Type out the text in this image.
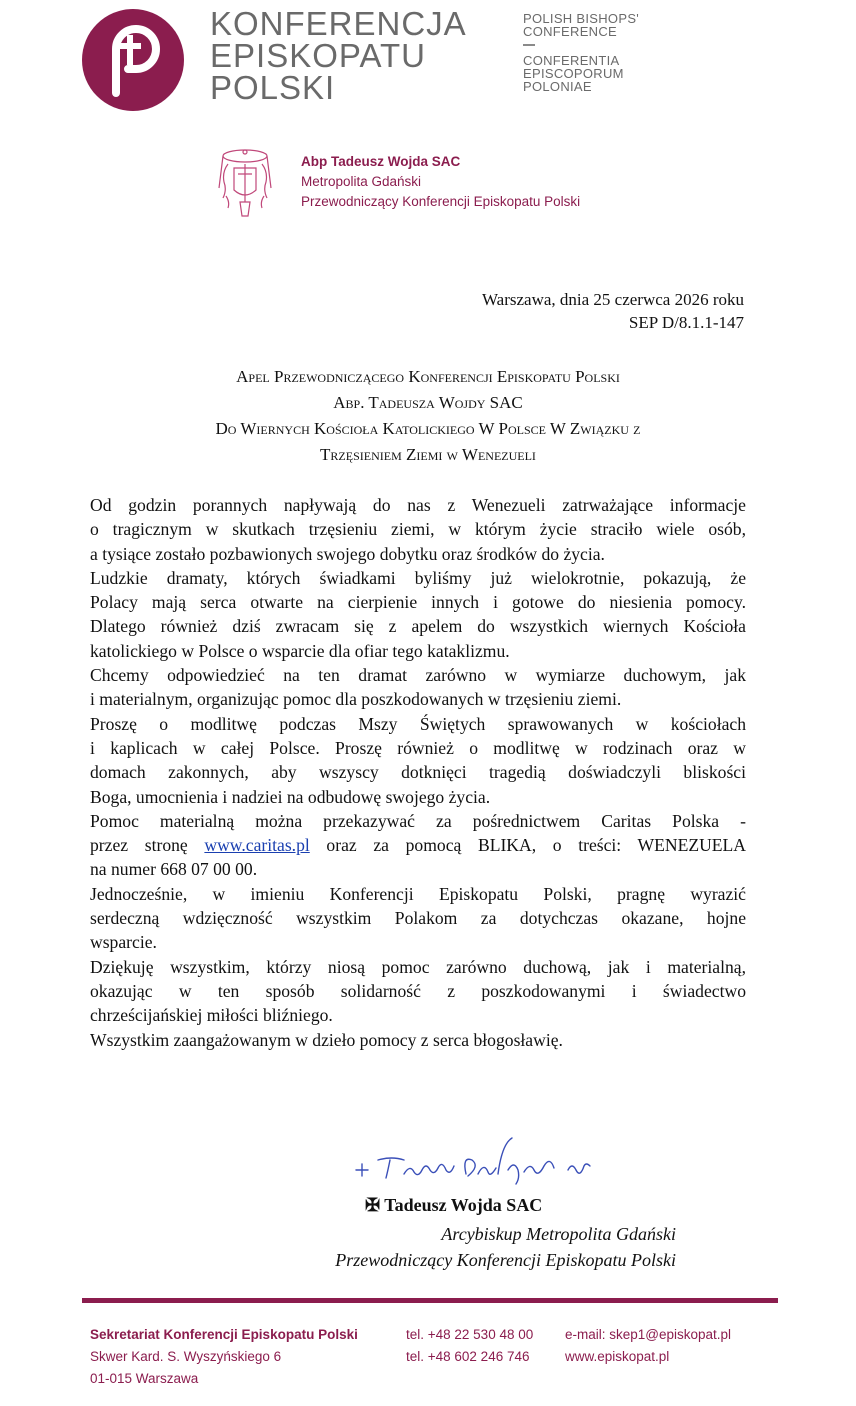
KONFERENCJA
EPISKOPATU
POLSKI
POLISH BISHOPS'
CONFERENCE
CONFERENTIA
EPISCOPORUM
POLONIAE
Abp Tadeusz Wojda SAC
Metropolita Gdański
Przewodniczący Konferencji Episkopatu Polski
Warszawa, dnia 25 czerwca 2026 roku
SEP D/8.1.1-147
Apel Przewodniczącego Konferencji Episkopatu Polski
Abp. Tadeusza Wojdy SAC
Do Wiernych Kościoła Katolickiego W Polsce W Związku z
Trzęsieniem Ziemi w Wenezueli
Od godzin porannych napływają do nas z Wenezueli zatrważające informacje
o tragicznym w skutkach trzęsieniu ziemi, w którym życie straciło wiele osób,
a tysiące zostało pozbawionych swojego dobytku oraz środków do życia.
Ludzkie dramaty, których świadkami byliśmy już wielokrotnie, pokazują, że
Polacy mają serca otwarte na cierpienie innych i gotowe do niesienia pomocy.
Dlatego również dziś zwracam się z apelem do wszystkich wiernych Kościoła
katolickiego w Polsce o wsparcie dla ofiar tego kataklizmu.
Chcemy odpowiedzieć na ten dramat zarówno w wymiarze duchowym, jak
i materialnym, organizując pomoc dla poszkodowanych w trzęsieniu ziemi.
Proszę o modlitwę podczas Mszy Świętych sprawowanych w kościołach
i kaplicach w całej Polsce. Proszę również o modlitwę w rodzinach oraz w
domach zakonnych, aby wszyscy dotknięci tragedią doświadczyli bliskości
Boga, umocnienia i nadziei na odbudowę swojego życia.
Pomoc materialną można przekazywać za pośrednictwem Caritas Polska -
przez stronę www.caritas.pl oraz za pomocą BLIKA, o treści: WENEZUELA
na numer 668 07 00 00.
Jednocześnie, w imieniu Konferencji Episkopatu Polski, pragnę wyrazić
serdeczną wdzięczność wszystkim Polakom za dotychczas okazane, hojne
wsparcie.
Dziękuję wszystkim, którzy niosą pomoc zarówno duchową, jak i materialną,
okazując w ten sposób solidarność z poszkodowanymi i świadectwo
chrześcijańskiej miłości bliźniego.
Wszystkim zaangażowanym w dzieło pomocy z serca błogosławię.
✠ Tadeusz Wojda SAC
Arcybiskup Metropolita Gdański
Przewodniczący Konferencji Episkopatu Polski
Sekretariat Konferencji Episkopatu Polski
Skwer Kard. S. Wyszyńskiego 6
01-015 Warszawa
tel. +48 22 530 48 00
tel. +48 602 246 746
e-mail: skep1@episkopat.pl
www.episkopat.pl
